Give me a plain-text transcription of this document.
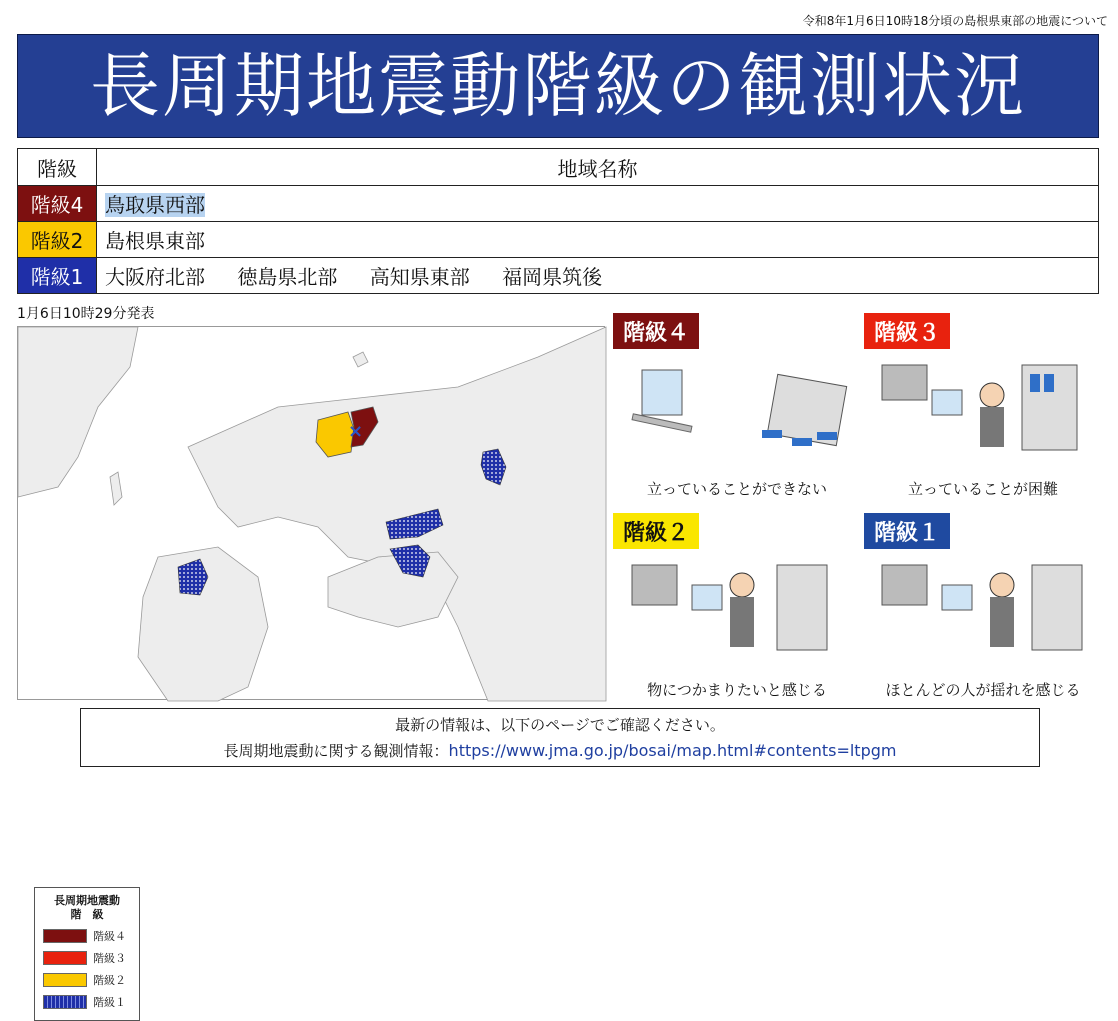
令和8年1月6日10時18分頃の島根県東部の地震について
長周期地震動階級の観測状況
階級	地域名称
階級4	鳥取県西部
階級2	島根県東部
階級1	大阪府北部 徳島県北部 高知県東部 福岡県筑後
1月6日10時29分発表
×
長周期地震動
階　級
階級４
階級３
階級２
階級１
階級４	階級３
階級２	階級１
立っていることができない	立っていることが困難
物につかまりたいと感じる	ほとんどの人が揺れを感じる
最新の情報は、以下のページでご確認ください。
長周期地震動に関する観測情報：https://www.jma.go.jp/bosai/map.html#contents=ltpgm
